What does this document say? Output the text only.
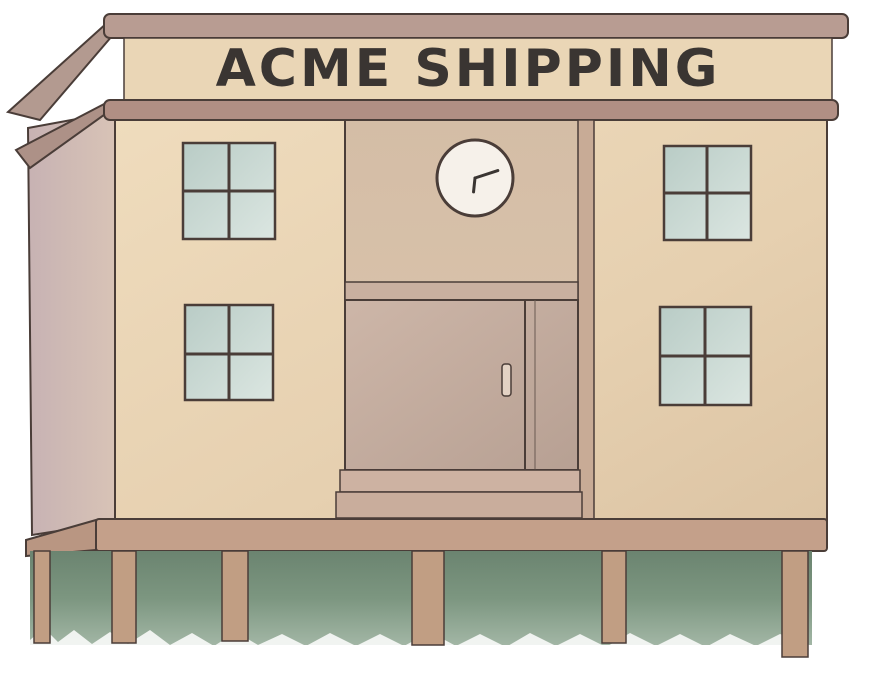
ACME SHIPPING
